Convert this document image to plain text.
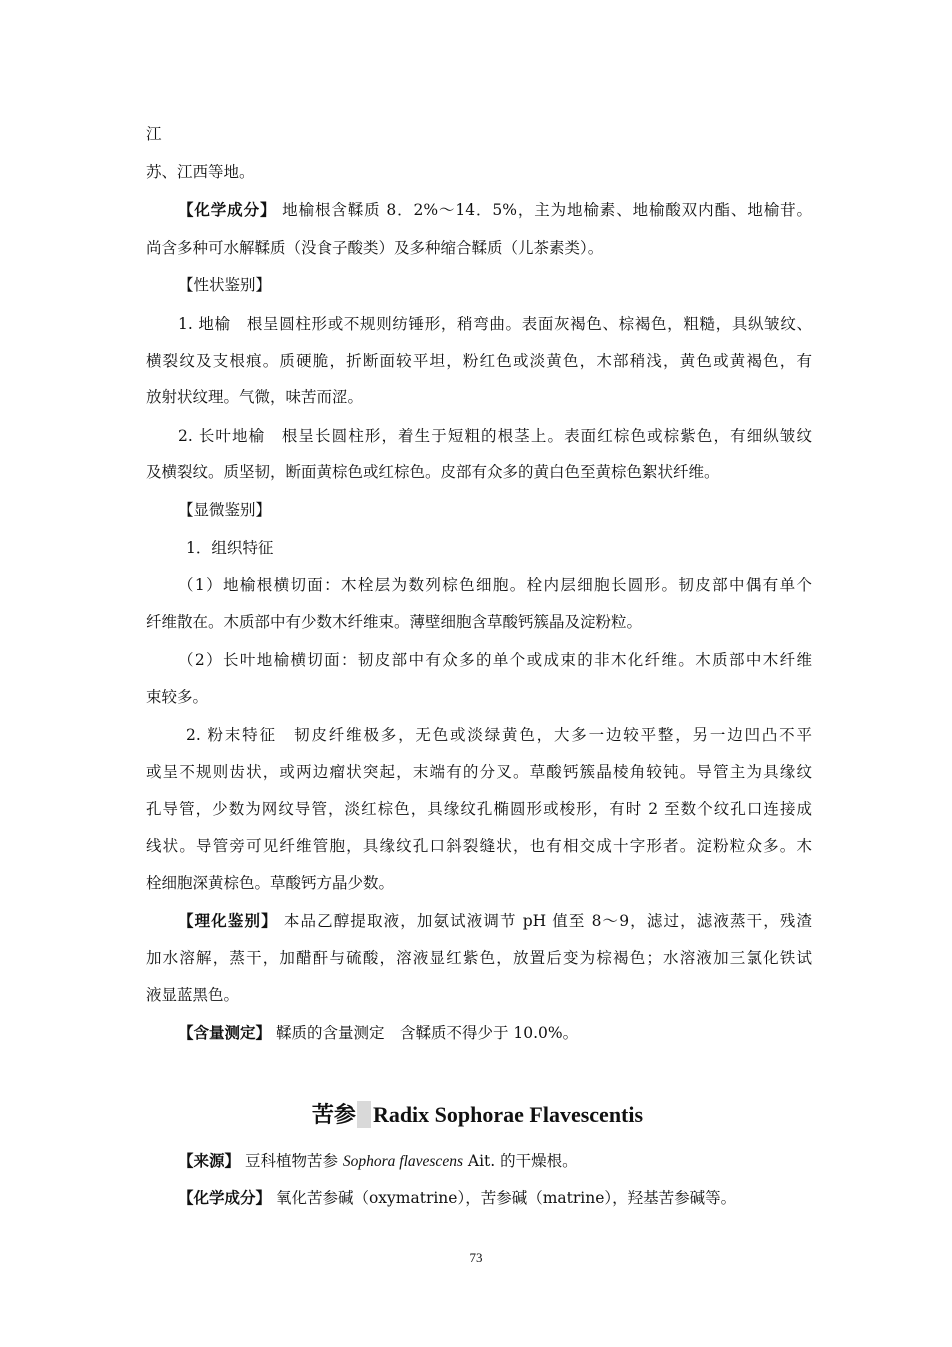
江
苏、江西等地。
【化学成分】 地榆根含鞣质 8．2%～14．5%，主为地榆素、地榆酸双内酯、地榆苷。
尚含多种可水解鞣质（没食子酸类）及多种缩合鞣质（儿茶素类）。
【性状鉴别】
1. 地榆　根呈圆柱形或不规则纺锤形，稍弯曲。表面灰褐色、棕褐色，粗糙，具纵皱纹、
横裂纹及支根痕。质硬脆，折断面较平坦，粉红色或淡黄色，木部稍浅，黄色或黄褐色，有
放射状纹理。气微，味苦而涩。
2. 长叶地榆　根呈长圆柱形，着生于短粗的根茎上。表面红棕色或棕紫色，有细纵皱纹
及横裂纹。质坚韧，断面黄棕色或红棕色。皮部有众多的黄白色至黄棕色絮状纤维。
【显微鉴别】
1．组织特征
（1）地榆根横切面：木栓层为数列棕色细胞。栓内层细胞长圆形。韧皮部中偶有单个
纤维散在。木质部中有少数木纤维束。薄壁细胞含草酸钙簇晶及淀粉粒。
（2）长叶地榆横切面：韧皮部中有众多的单个或成束的非木化纤维。木质部中木纤维
束较多。
2. 粉末特征　韧皮纤维极多，无色或淡绿黄色，大多一边较平整，另一边凹凸不平
或呈不规则齿状，或两边瘤状突起，末端有的分叉。草酸钙簇晶棱角较钝。导管主为具缘纹
孔导管，少数为网纹导管，淡红棕色，具缘纹孔椭圆形或梭形，有时 2 至数个纹孔口连接成
线状。导管旁可见纤维管胞，具缘纹孔口斜裂缝状，也有相交成十字形者。淀粉粒众多。木
栓细胞深黄棕色。草酸钙方晶少数。
【理化鉴别】 本品乙醇提取液，加氨试液调节 pH 值至 8～9，滤过，滤液蒸干，残渣
加水溶解，蒸干，加醋酐与硫酸，溶液显红紫色，放置后变为棕褐色；水溶液加三氯化铁试
液显蓝黑色。
【含量测定】 鞣质的含量测定　含鞣质不得少于 10.0%。
苦参 Radix Sophorae Flavescentis
【来源】 豆科植物苦参 Sophora flavescens Ait. 的干燥根。
【化学成分】 氧化苦参碱（oxymatrine），苦参碱（matrine），羟基苦参碱等。
73
